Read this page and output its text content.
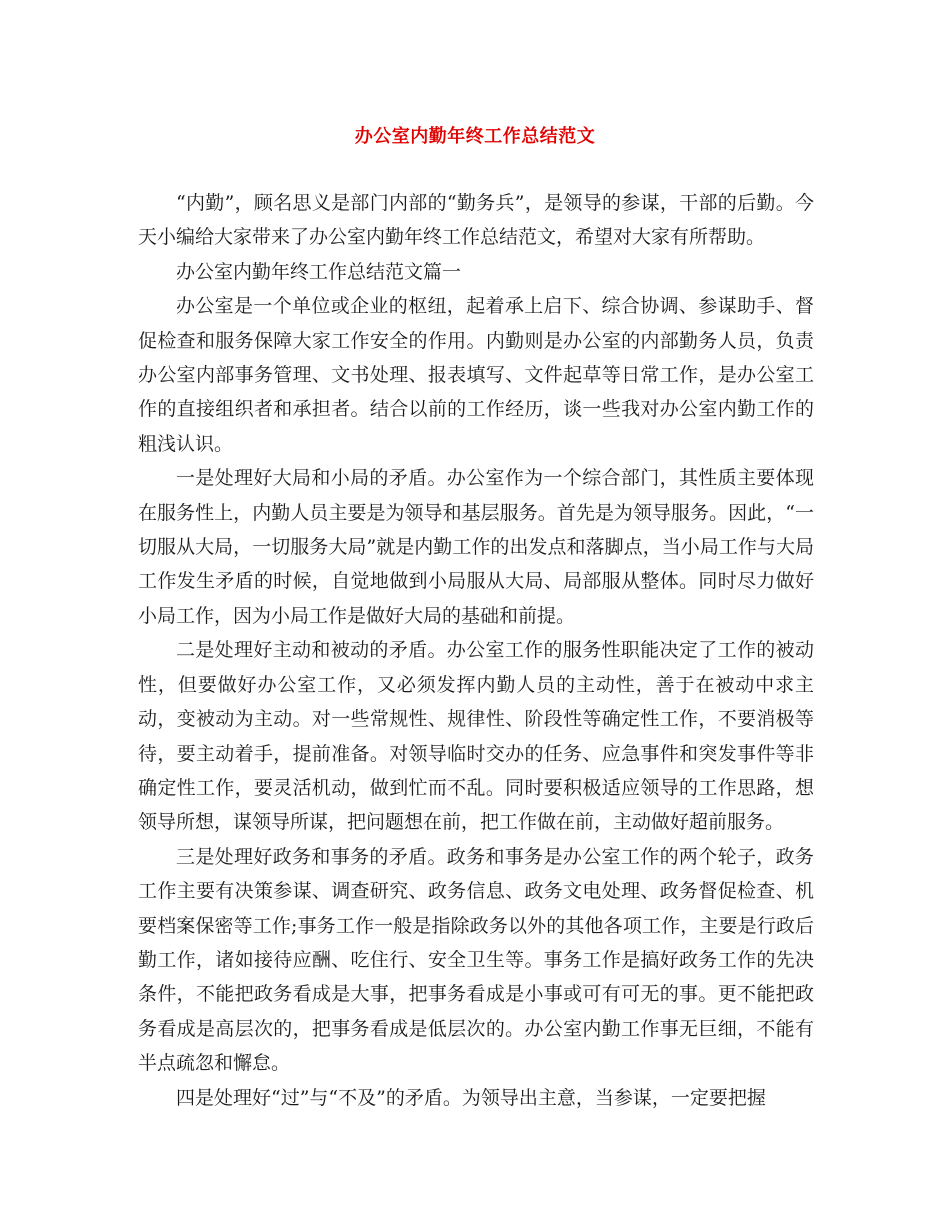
办公室内勤年终工作总结范文

“内勤”，顾名思义是部门内部的“勤务兵”，是领导的参谋，干部的后勤。今天小编给大家带来了办公室内勤年终工作总结范文，希望对大家有所帮助。

办公室内勤年终工作总结范文篇一

办公室是一个单位或企业的枢纽，起着承上启下、综合协调、参谋助手、督促检查和服务保障大家工作安全的作用。内勤则是办公室的内部勤务人员，负责办公室内部事务管理、文书处理、报表填写、文件起草等日常工作，是办公室工作的直接组织者和承担者。结合以前的工作经历，谈一些我对办公室内勤工作的粗浅认识。

一是处理好大局和小局的矛盾。办公室作为一个综合部门，其性质主要体现在服务性上，内勤人员主要是为领导和基层服务。首先是为领导服务。因此，“一切服从大局，一切服务大局”就是内勤工作的出发点和落脚点，当小局工作与大局工作发生矛盾的时候，自觉地做到小局服从大局、局部服从整体。同时尽力做好小局工作，因为小局工作是做好大局的基础和前提。

二是处理好主动和被动的矛盾。办公室工作的服务性职能决定了工作的被动性，但要做好办公室工作，又必须发挥内勤人员的主动性，善于在被动中求主动，变被动为主动。对一些常规性、规律性、阶段性等确定性工作，不要消极等待，要主动着手，提前准备。对领导临时交办的任务、应急事件和突发事件等非确定性工作，要灵活机动，做到忙而不乱。同时要积极适应领导的工作思路，想领导所想，谋领导所谋，把问题想在前，把工作做在前，主动做好超前服务。

三是处理好政务和事务的矛盾。政务和事务是办公室工作的两个轮子，政务工作主要有决策参谋、调查研究、政务信息、政务文电处理、政务督促检查、机要档案保密等工作;事务工作一般是指除政务以外的其他各项工作，主要是行政后勤工作，诸如接待应酬、吃住行、安全卫生等。事务工作是搞好政务工作的先决条件，不能把政务看成是大事，把事务看成是小事或可有可无的事。更不能把政务看成是高层次的，把事务看成是低层次的。办公室内勤工作事无巨细，不能有半点疏忽和懈怠。

四是处理好“过”与“不及”的矛盾。为领导出主意，当参谋，一定要把握
